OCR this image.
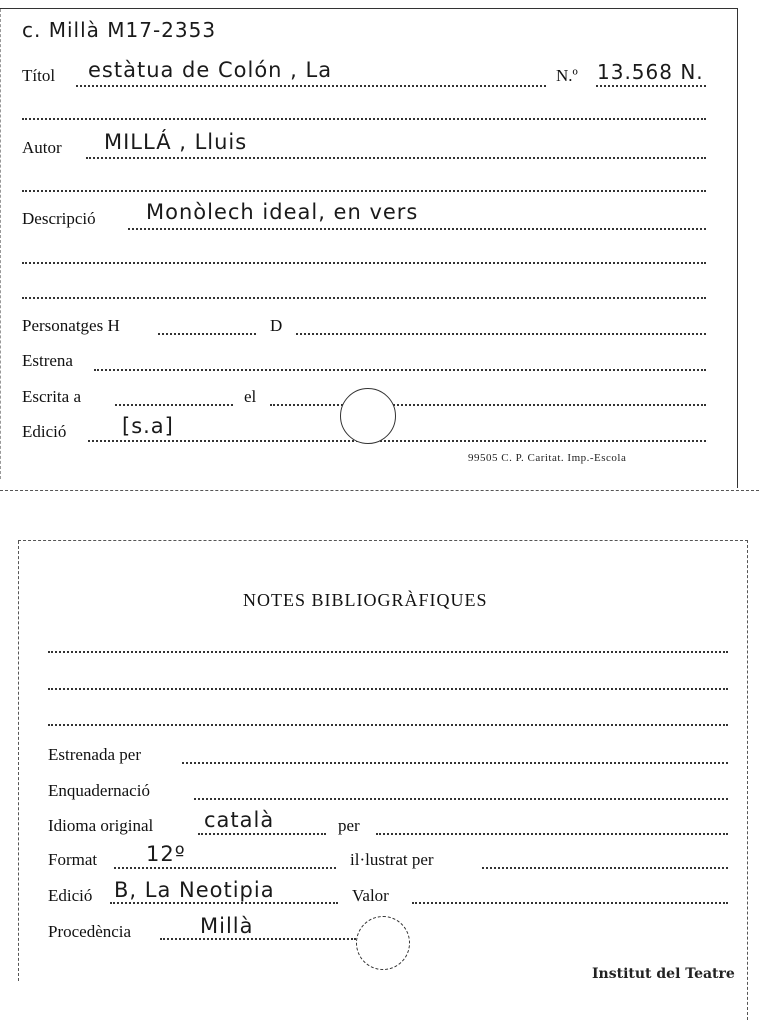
c. Millà M17-2353
Títol estàtua de Colón , La	N.º 13.568 N.
Autor MILLÁ , Lluis
Descripció Monòlech ideal, en vers
Personatges H	D
Estrena
Escrita a	el
Edició	[s.a]
99505 C. P. Caritat. Imp.-Escola
NOTES BIBLIOGRÀFIQUES
Estrenada per
Enquadernació
Idioma original català	per
Format 12º	il·lustrat per
Edició B, La Neotipia	Valor
Procedència	Millà
Institut del Teatre
